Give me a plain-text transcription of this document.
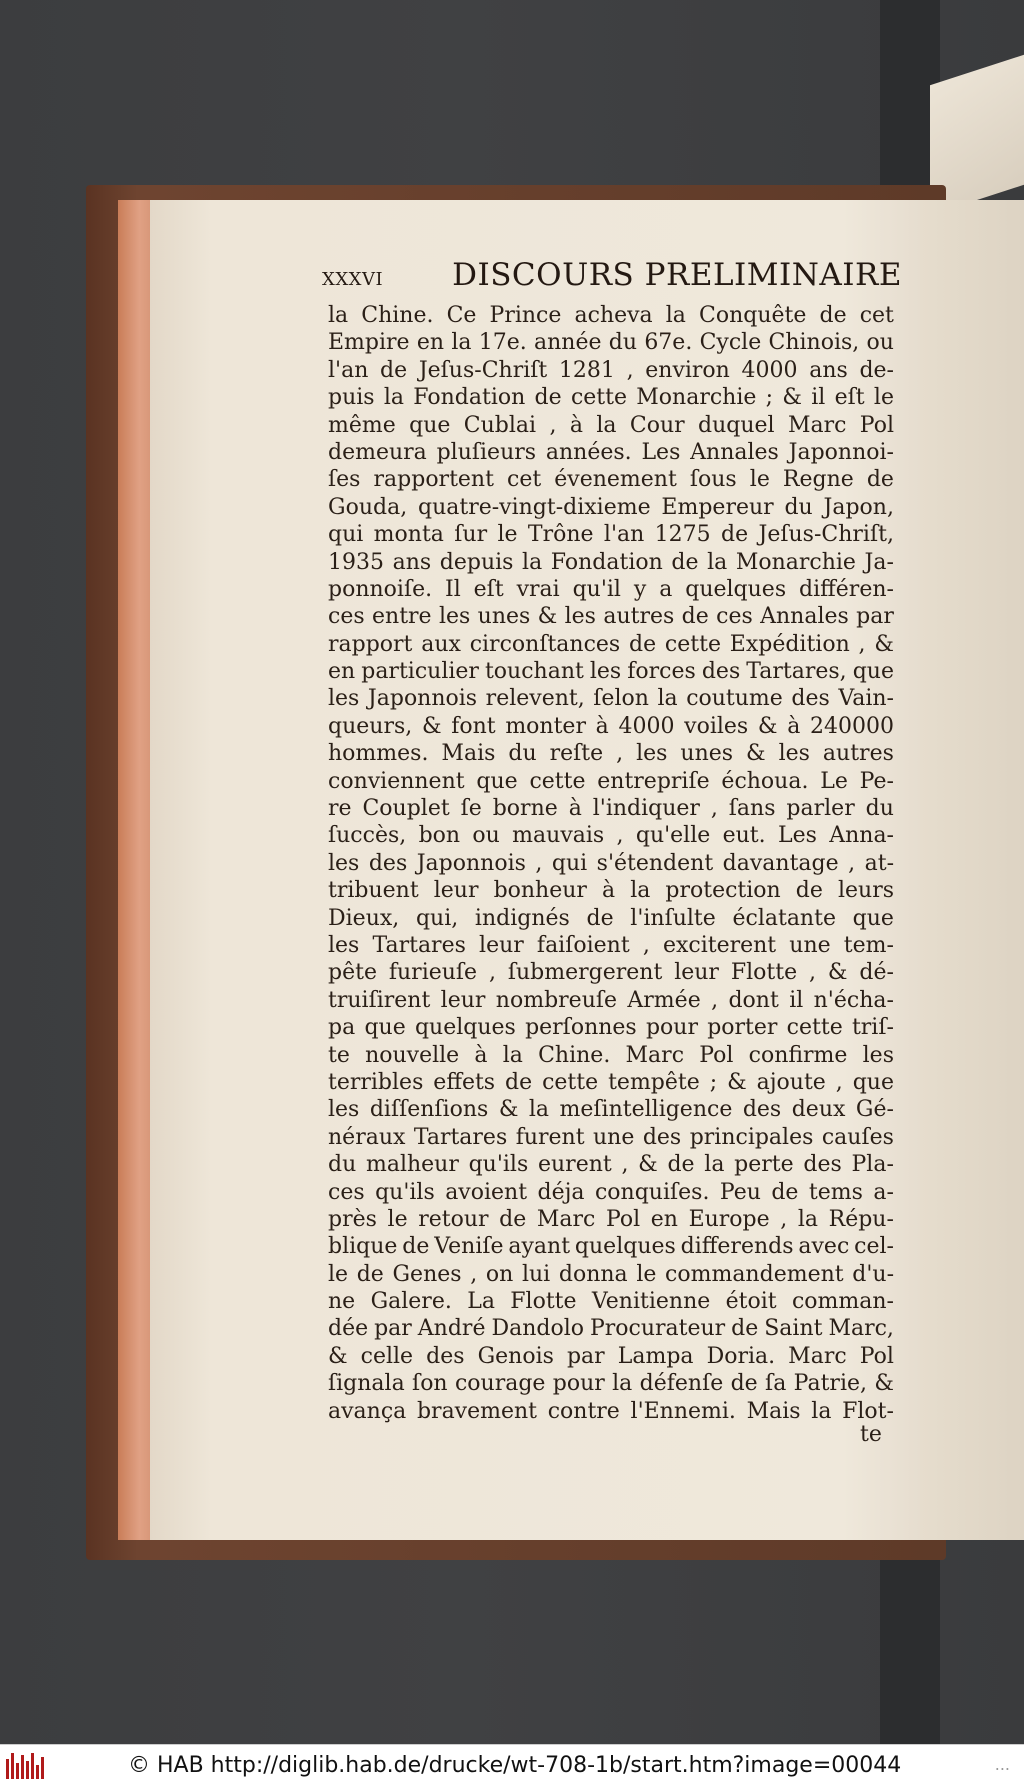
xxxvi DISCOURS PRELIMINAIRE
la Chine. Ce Prince acheva la Conquête de cet
Empire en la 17e. année du 67e. Cycle Chinois, ou
l'an de Jeſus-Chriſt 1281 , environ 4000 ans de-
puis la Fondation de cette Monarchie ; & il eſt le
même que Cublai , à la Cour duquel Marc Pol
demeura pluſieurs années. Les Annales Japonnoi-
ſes rapportent cet évenement ſous le Regne de
Gouda, quatre-vingt-dixieme Empereur du Japon,
qui monta ſur le Trône l'an 1275 de Jeſus-Chriſt,
1935 ans depuis la Fondation de la Monarchie Ja-
ponnoiſe. Il eſt vrai qu'il y a quelques différen-
ces entre les unes & les autres de ces Annales par
rapport aux circonſtances de cette Expédition , &
en particulier touchant les forces des Tartares, que
les Japonnois relevent, ſelon la coutume des Vain-
queurs, & font monter à 4000 voiles & à 240000
hommes. Mais du reſte , les unes & les autres
conviennent que cette entrepriſe échoua. Le Pe-
re Couplet ſe borne à l'indiquer , ſans parler du
ſuccès, bon ou mauvais , qu'elle eut. Les Anna-
les des Japonnois , qui s'étendent davantage , at-
tribuent leur bonheur à la protection de leurs
Dieux, qui, indignés de l'inſulte éclatante que
les Tartares leur faiſoient , exciterent une tem-
pête furieuſe , ſubmergerent leur Flotte , & dé-
truiſirent leur nombreuſe Armée , dont il n'écha-
pa que quelques perſonnes pour porter cette triſ-
te nouvelle à la Chine. Marc Pol confirme les
terribles effets de cette tempête ; & ajoute , que
les diſſenſions & la meſintelligence des deux Gé-
néraux Tartares furent une des principales cauſes
du malheur qu'ils eurent , & de la perte des Pla-
ces qu'ils avoient déja conquiſes. Peu de tems a-
près le retour de Marc Pol en Europe , la Répu-
blique de Veniſe ayant quelques differends avec cel-
le de Genes , on lui donna le commandement d'u-
ne Galere. La Flotte Venitienne étoit comman-
dée par André Dandolo Procurateur de Saint Marc,
& celle des Genois par Lampa Doria. Marc Pol
ſignala ſon courage pour la défenſe de ſa Patrie, &
avança bravement contre l'Ennemi. Mais la Flot-
te
© HAB http://diglib.hab.de/drucke/wt-708-1b/start.htm?image=00044	...
